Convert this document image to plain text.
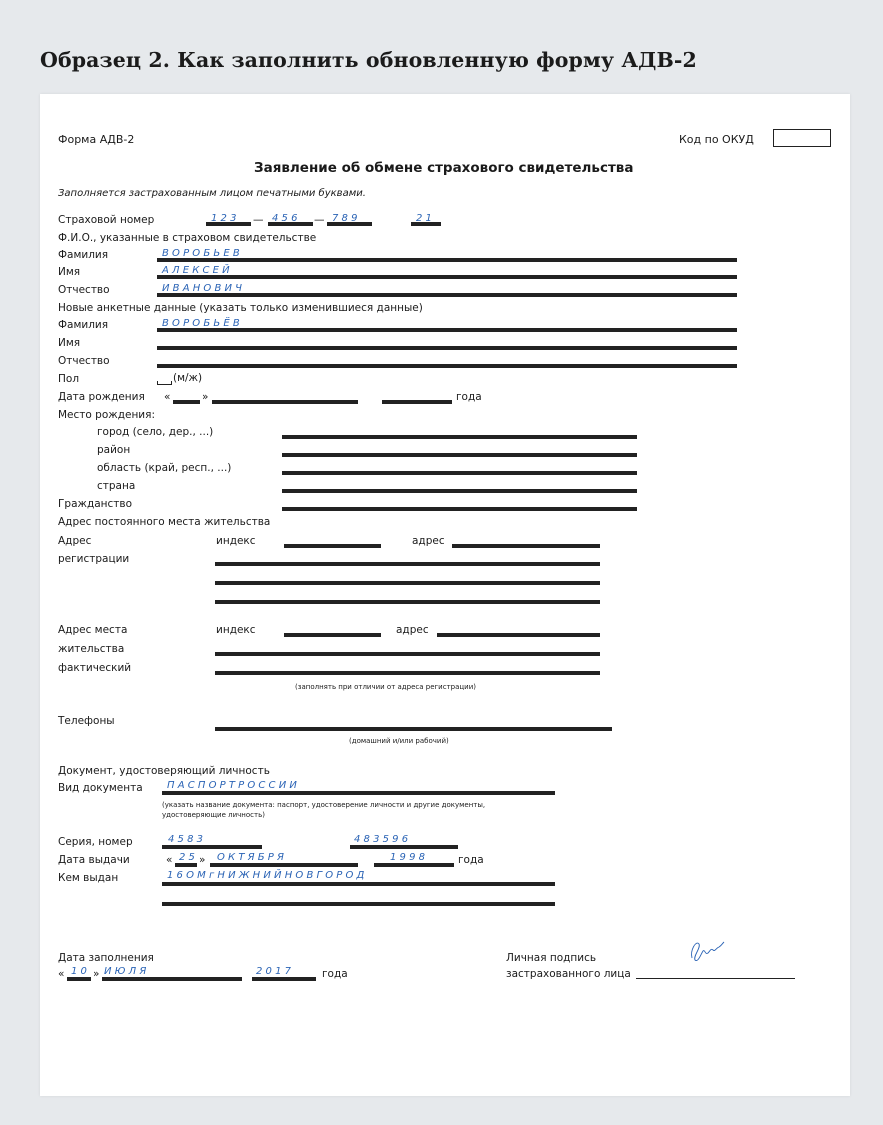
Образец 2. Как заполнить обновленную форму АДВ-2
Форма АДВ-2	Код по ОКУД
Заявление об обмене страхового свидетельства
Заполняется застрахованным лицом печатными буквами.
Страховой номер	1 2 3 — 4 5 6 — 7 8 9	2 1
Ф.И.О., указанные в страховом свидетельстве
Фамилия	В О Р О Б Ь Е В
Имя	А Л Е К С Е Й
Отчество	И В А Н О В И Ч
Новые анкетные данные (указать только изменившиеся данные)
Фамилия	В О Р О Б Ь Ё В
Имя
Отчество
Пол	(м/ж)
Дата рождения «	»	года
Место рождения:
город (село, дер., ...)
район
область (край, респ., ...)
страна
Гражданство
Адрес постоянного места жительства
Адрес
регистрации
индекс	адрес
Адрес места
жительства
фактический
индекс	адрес
(заполнять при отличии от адреса регистрации)
Телефоны
(домашний и/или рабочий)
Документ, удостоверяющий личность
Вид документа П А С П О Р Т Р О С С И И
(указать название документа: паспорт, удостоверение личности и другие документы,
удостоверяющие личность)
Серия, номер	4 5 8 3	4 8 3 5 9 6
Дата выдачи	« 2 5 » О К Т Я Б Р Я	1 9 9 8	года
Кем выдан	1 6 О М г Н И Ж Н И Й Н О В Г О Р О Д
Дата заполнения
« 1 0 » И Ю Л Я	2 0 1 7	года
Личная подпись
застрахованного лица
